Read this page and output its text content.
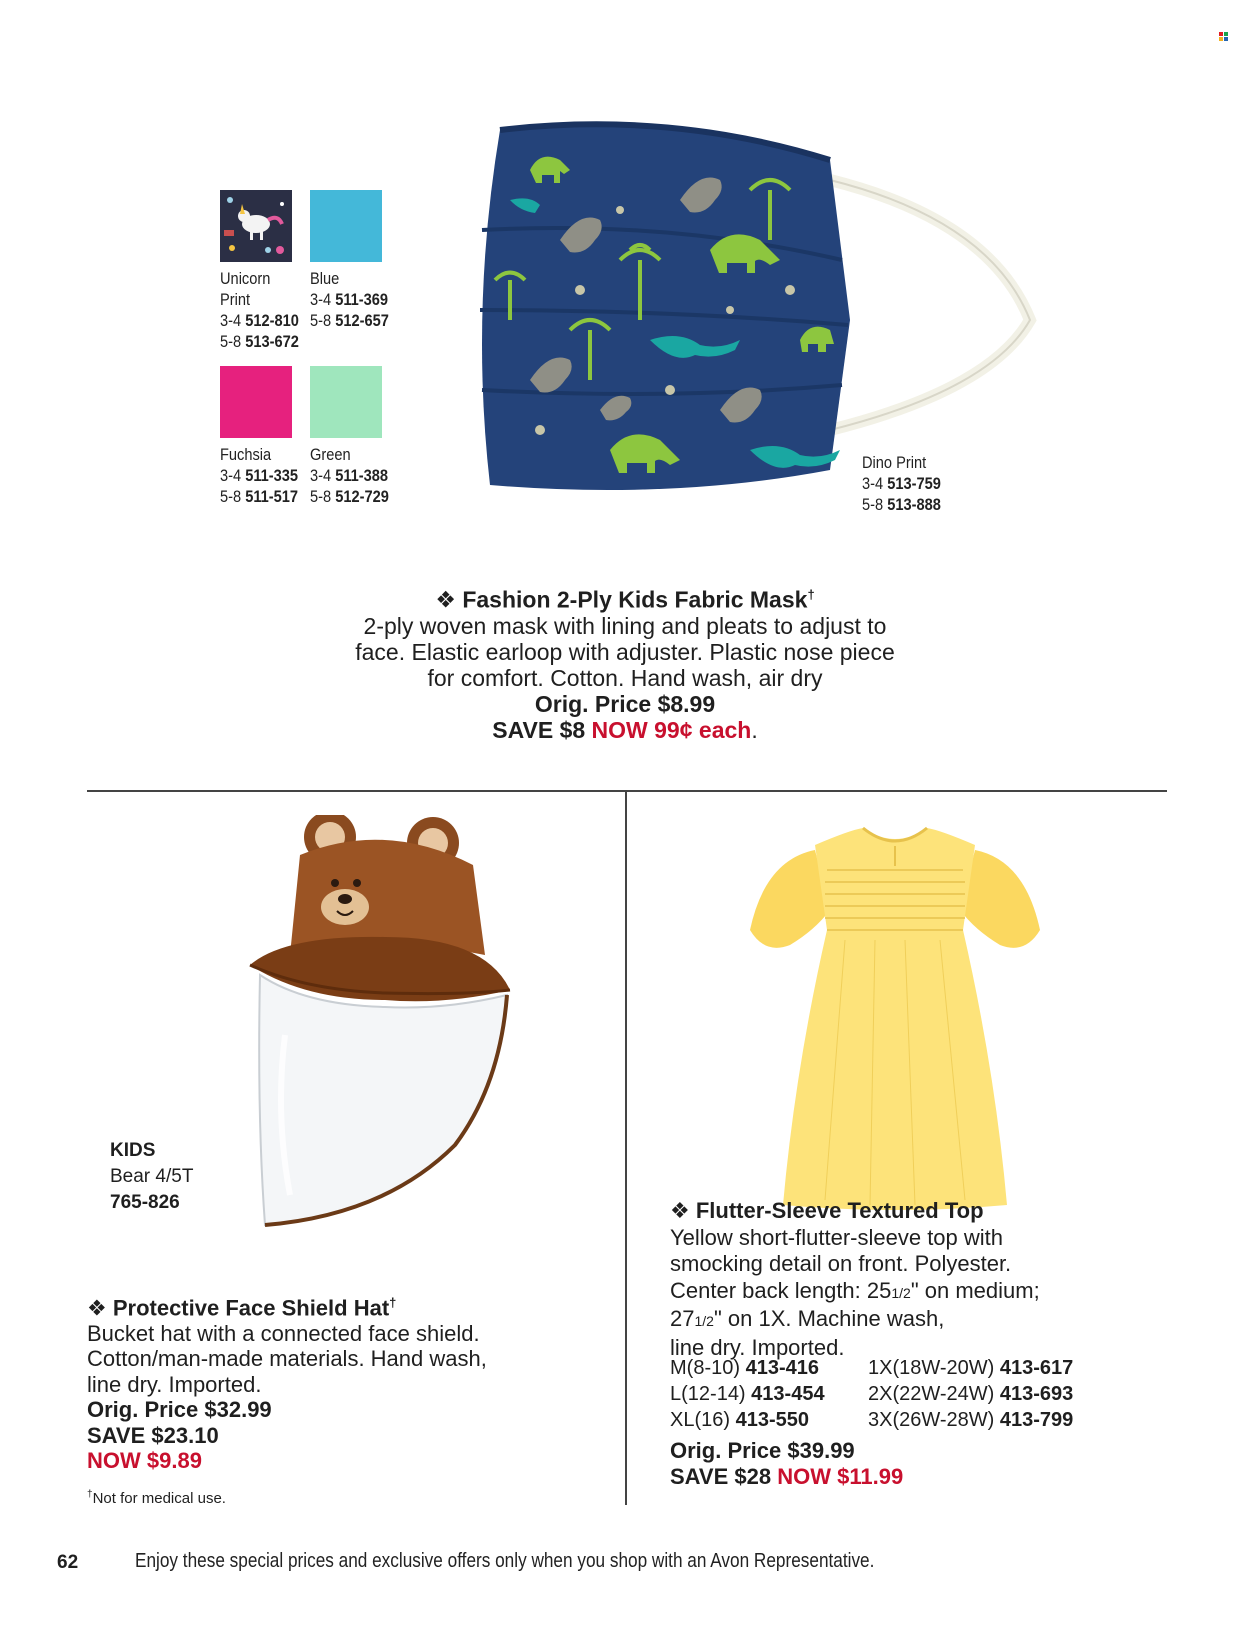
Unicorn
Print
3-4 512-810
5-8 513-672
Blue
3-4 511-369
5-8 512-657
Fuchsia
3-4 511-335
5-8 511-517
Green
3-4 511-388
5-8 512-729
Dino Print
3-4 513-759
5-8 513-888
❖ Fashion 2-Ply Kids Fabric Mask†
2-ply woven mask with lining and pleats to adjust to
face. Elastic earloop with adjuster. Plastic nose piece
for comfort. Cotton. Hand wash, air dry
Orig. Price $8.99
SAVE $8 NOW 99¢ each.
KIDS
Bear 4/5T
765-826
❖ Protective Face Shield Hat†
Bucket hat with a connected face shield.
Cotton/man-made materials. Hand wash,
line dry. Imported.
Orig. Price $32.99
SAVE $23.10
NOW $9.89
†Not for medical use.
❖ Flutter-Sleeve Textured Top
Yellow short-flutter-sleeve top with
smocking detail on front. Polyester.
Center back length: 251/2" on medium;
271/2" on 1X. Machine wash,
line dry. Imported.
M(8-10) 413-416
L(12-14) 413-454
XL(16) 413-550
1X(18W-20W) 413-617
2X(22W-24W) 413-693
3X(26W-28W) 413-799
Orig. Price $39.99
SAVE $28 NOW $11.99
62	Enjoy these special prices and exclusive offers only when you shop with an Avon Representative.
